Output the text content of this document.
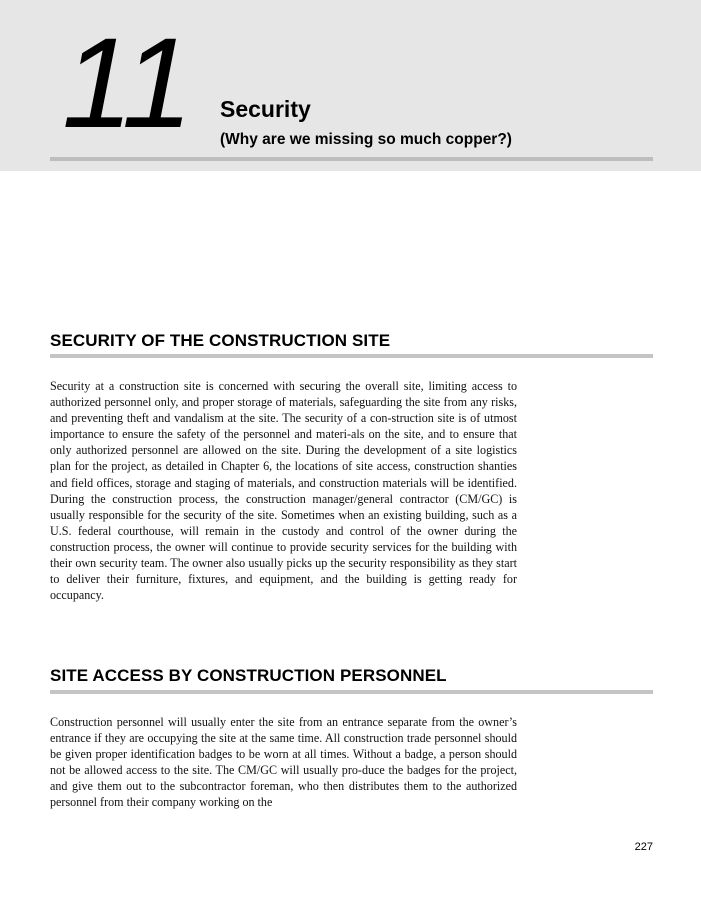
11 Security

(Why are we missing so much copper?)

SECURITY OF THE CONSTRUCTION SITE

Security at a construction site is concerned with securing the overall site, limiting access to authorized personnel only, and proper storage of materials, safeguarding the site from any risks, and preventing theft and vandalism at the site. The security of a con-struction site is of utmost importance to ensure the safety of the personnel and materi-als on the site, and to ensure that only authorized personnel are allowed on the site. During the development of a site logistics plan for the project, as detailed in Chapter 6, the locations of site access, construction shanties and field offices, storage and staging of materials, and construction materials will be identified. During the construction process, the construction manager/general contractor (CM/GC) is usually responsible for the security of the site. Sometimes when an existing building, such as a U.S. federal courthouse, will remain in the custody and control of the owner during the construction process, the owner will continue to provide security services for the building with their own security team. The owner also usually picks up the security responsibility as they start to deliver their furniture, fixtures, and equipment, and the building is getting ready for occupancy.

SITE ACCESS BY CONSTRUCTION PERSONNEL

Construction personnel will usually enter the site from an entrance separate from the owner’s entrance if they are occupying the site at the same time. All construction trade personnel should be given proper identification badges to be worn at all times. Without a badge, a person should not be allowed access to the site. The CM/GC will usually pro-duce the badges for the project, and give them out to the subcontractor foreman, who then distributes them to the authorized personnel from their company working on the

227
